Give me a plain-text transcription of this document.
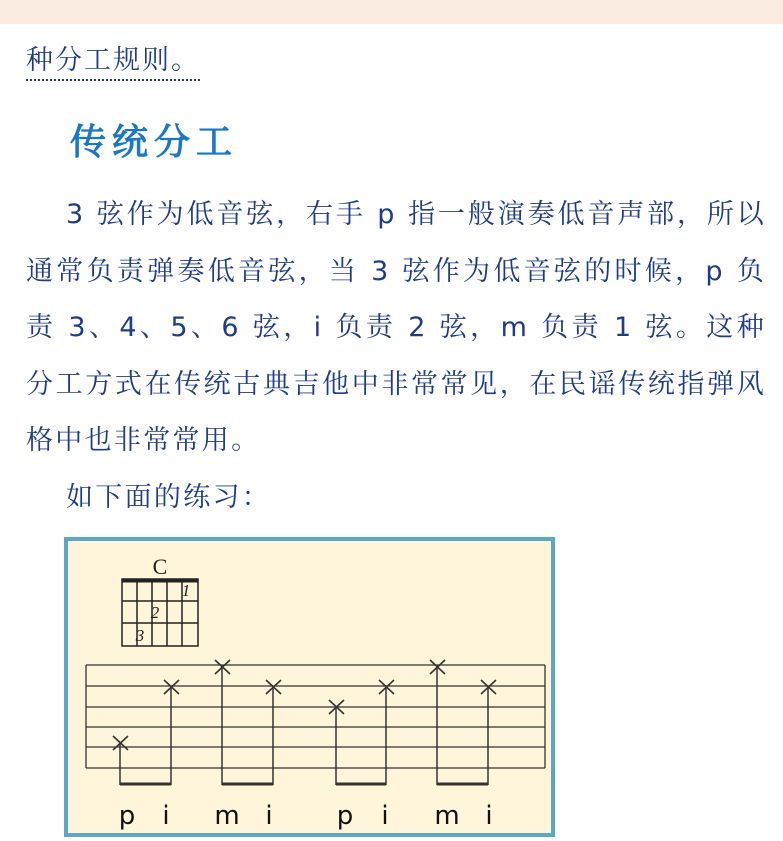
种分工规则。
传统分工

3 弦作为低音弦，右手 p 指一般演奏低音声部，所以通常负责弹奏低音弦，当 3 弦作为低音弦的时候，p 负责 3、4、5、6 弦，i 负责 2 弦，m 负责 1 弦。这种分工方式在传统古典吉他中非常常见，在民谣传统指弹风格中也非常常用。

如下面的练习：
C
1
2
3
p i m i p i m i
